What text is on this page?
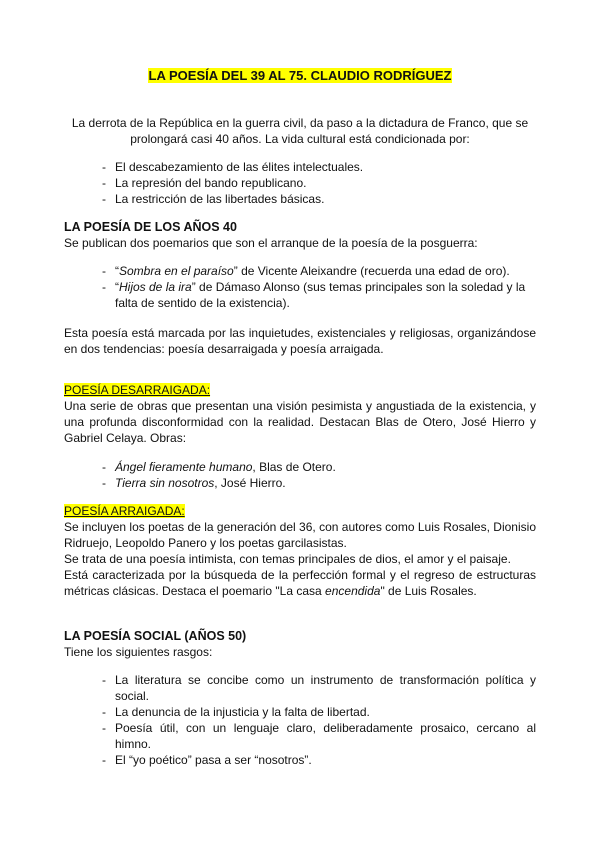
LA POESÍA DEL 39 AL 75. CLAUDIO RODRÍGUEZ
La derrota de la República en la guerra civil, da paso a la dictadura de Franco, que se prolongará casi 40 años. La vida cultural está condicionada por:
- El descabezamiento de las élites intelectuales.
- La represión del bando republicano.
- La restricción de las libertades básicas.
LA POESÍA DE LOS AÑOS 40
Se publican dos poemarios que son el arranque de la poesía de la posguerra:
- “Sombra en el paraíso” de Vicente Aleixandre (recuerda una edad de oro).
- “Hijos de la ira” de Dámaso Alonso (sus temas principales son la soledad y la falta de sentido de la existencia).
Esta poesía está marcada por las inquietudes, existenciales y religiosas, organizándose en dos tendencias: poesía desarraigada y poesía arraigada.
POESÍA DESARRAIGADA:
Una serie de obras que presentan una visión pesimista y angustiada de la existencia, y una profunda disconformidad con la realidad. Destacan Blas de Otero, José Hierro y Gabriel Celaya. Obras:
- Ángel fieramente humano, Blas de Otero.
- Tierra sin nosotros, José Hierro.
POESÍA ARRAIGADA:
Se incluyen los poetas de la generación del 36, con autores como Luis Rosales, Dionisio Ridruejo, Leopoldo Panero y los poetas garcilasistas.
Se trata de una poesía intimista, con temas principales de dios, el amor y el paisaje.
Está caracterizada por la búsqueda de la perfección formal y el regreso de estructuras métricas clásicas. Destaca el poemario "La casa encendida" de Luis Rosales.
LA POESÍA SOCIAL (AÑOS 50)
Tiene los siguientes rasgos:
- La literatura se concibe como un instrumento de transformación política y social.
- La denuncia de la injusticia y la falta de libertad.
- Poesía útil, con un lenguaje claro, deliberadamente prosaico, cercano al himno.
- El “yo poético” pasa a ser “nosotros”.
